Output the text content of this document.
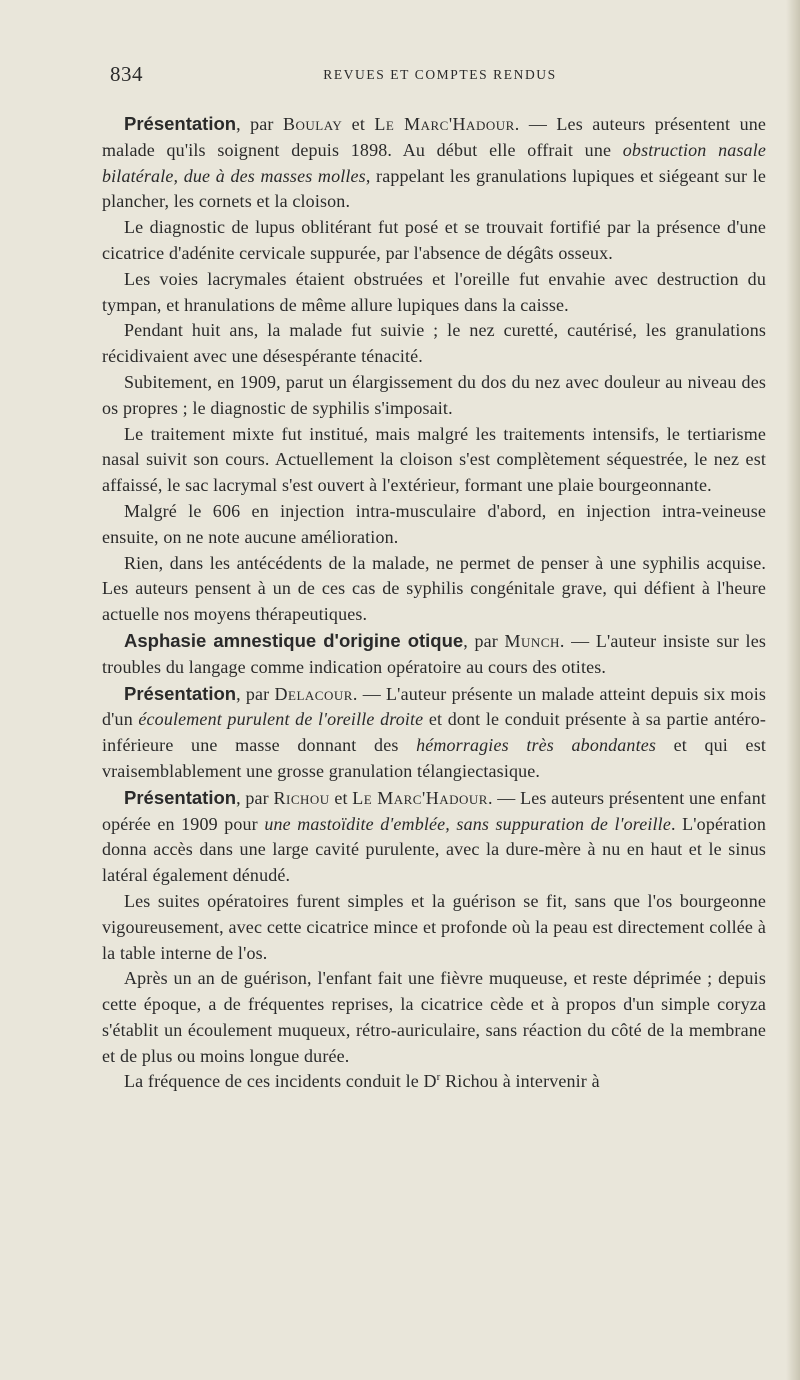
834	REVUES ET COMPTES RENDUS

Présentation, par Boulay et Le Marc'Hadour. — Les auteurs présentent une malade qu'ils soignent depuis 1898. Au début elle offrait une obstruction nasale bilatérale, due à des masses molles, rappelant les granulations lupiques et siégeant sur le plancher, les cornets et la cloison.

Le diagnostic de lupus oblitérant fut posé et se trouvait fortifié par la présence d'une cicatrice d'adénite cervicale suppurée, par l'absence de dégâts osseux.

Les voies lacrymales étaient obstruées et l'oreille fut envahie avec destruction du tympan, et hranulations de même allure lupiques dans la caisse.

Pendant huit ans, la malade fut suivie ; le nez curetté, cautérisé, les granulations récidivaient avec une désespérante ténacité.

Subitement, en 1909, parut un élargissement du dos du nez avec douleur au niveau des os propres ; le diagnostic de syphilis s'imposait.

Le traitement mixte fut institué, mais malgré les traitements intensifs, le tertiarisme nasal suivit son cours. Actuellement la cloison s'est complètement séquestrée, le nez est affaissé, le sac lacrymal s'est ouvert à l'extérieur, formant une plaie bourgeonnante.

Malgré le 606 en injection intra-musculaire d'abord, en injection intra-veineuse ensuite, on ne note aucune amélioration.

Rien, dans les antécédents de la malade, ne permet de penser à une syphilis acquise. Les auteurs pensent à un de ces cas de syphilis congénitale grave, qui défient à l'heure actuelle nos moyens thérapeutiques.

Asphasie amnestique d'origine otique, par Munch. — L'auteur insiste sur les troubles du langage comme indication opératoire au cours des otites.

Présentation, par Delacour. — L'auteur présente un malade atteint depuis six mois d'un écoulement purulent de l'oreille droite et dont le conduit présente à sa partie antéro-inférieure une masse donnant des hémorragies très abondantes et qui est vraisemblablement une grosse granulation télangiectasique.

Présentation, par Richou et Le Marc'Hadour. — Les auteurs présentent une enfant opérée en 1909 pour une mastoïdite d'emblée, sans suppuration de l'oreille. L'opération donna accès dans une large cavité purulente, avec la dure-mère à nu en haut et le sinus latéral également dénudé.

Les suites opératoires furent simples et la guérison se fit, sans que l'os bourgeonne vigoureusement, avec cette cicatrice mince et profonde où la peau est directement collée à la table interne de l'os.

Après un an de guérison, l'enfant fait une fièvre muqueuse, et reste déprimée ; depuis cette époque, a de fréquentes reprises, la cicatrice cède et à propos d'un simple coryza s'établit un écoulement muqueux, rétro-auriculaire, sans réaction du côté de la membrane et de plus ou moins longue durée.

La fréquence de ces incidents conduit le $D^r$ Richou à intervenir à
